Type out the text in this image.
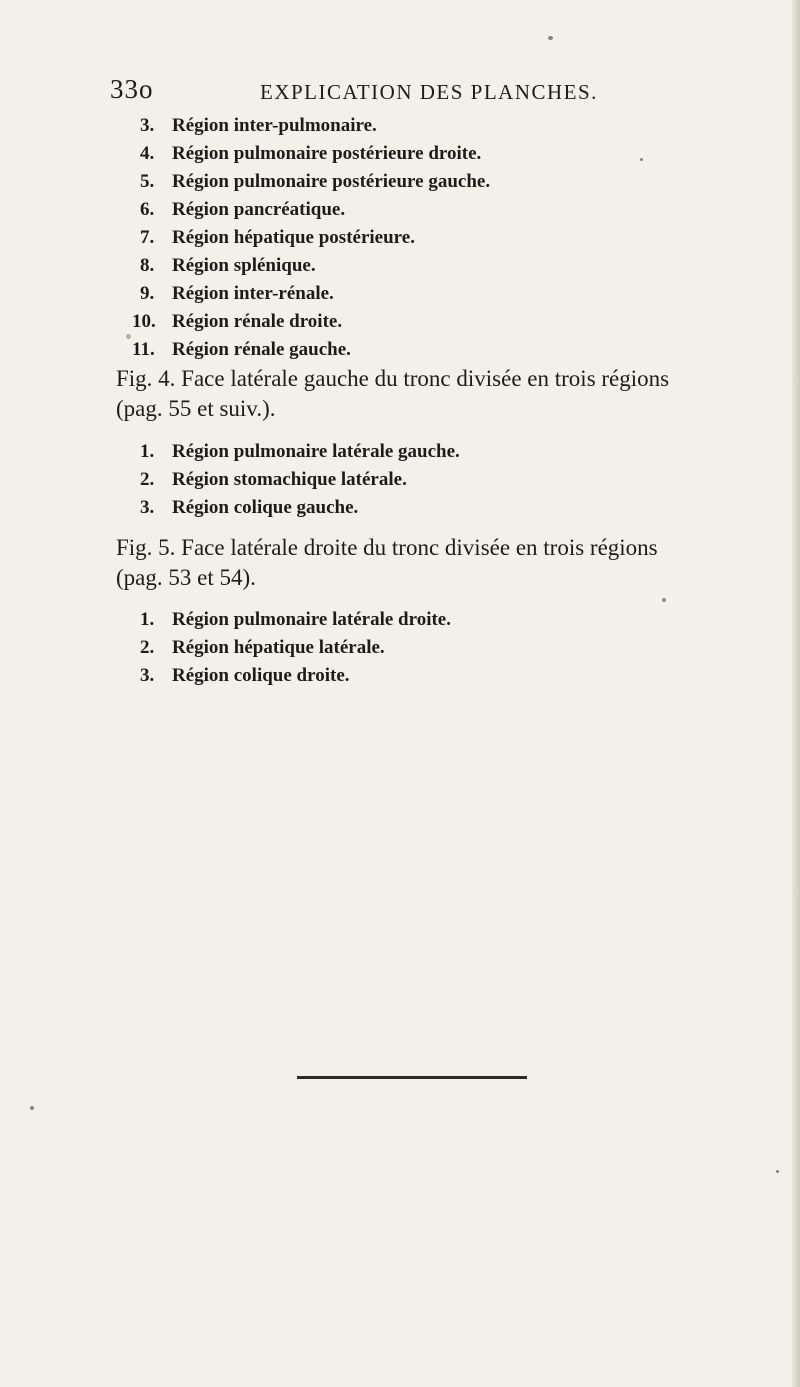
33o	EXPLICATION DES PLANCHES.
3. Région inter-pulmonaire.
4. Région pulmonaire postérieure droite.
5. Région pulmonaire postérieure gauche.
6. Région pancréatique.
7. Région hépatique postérieure.
8. Région splénique.
9. Région inter-rénale.
10. Région rénale droite.
11. Région rénale gauche.
Fig. 4. Face latérale gauche du tronc divisée en trois régions
(pag. 55 et suiv.).
1. Région pulmonaire latérale gauche.
2. Région stomachique latérale.
3. Région colique gauche.
Fig. 5. Face latérale droite du tronc divisée en trois régions
(pag. 53 et 54).
1. Région pulmonaire latérale droite.
2. Région hépatique latérale.
3. Région colique droite.
